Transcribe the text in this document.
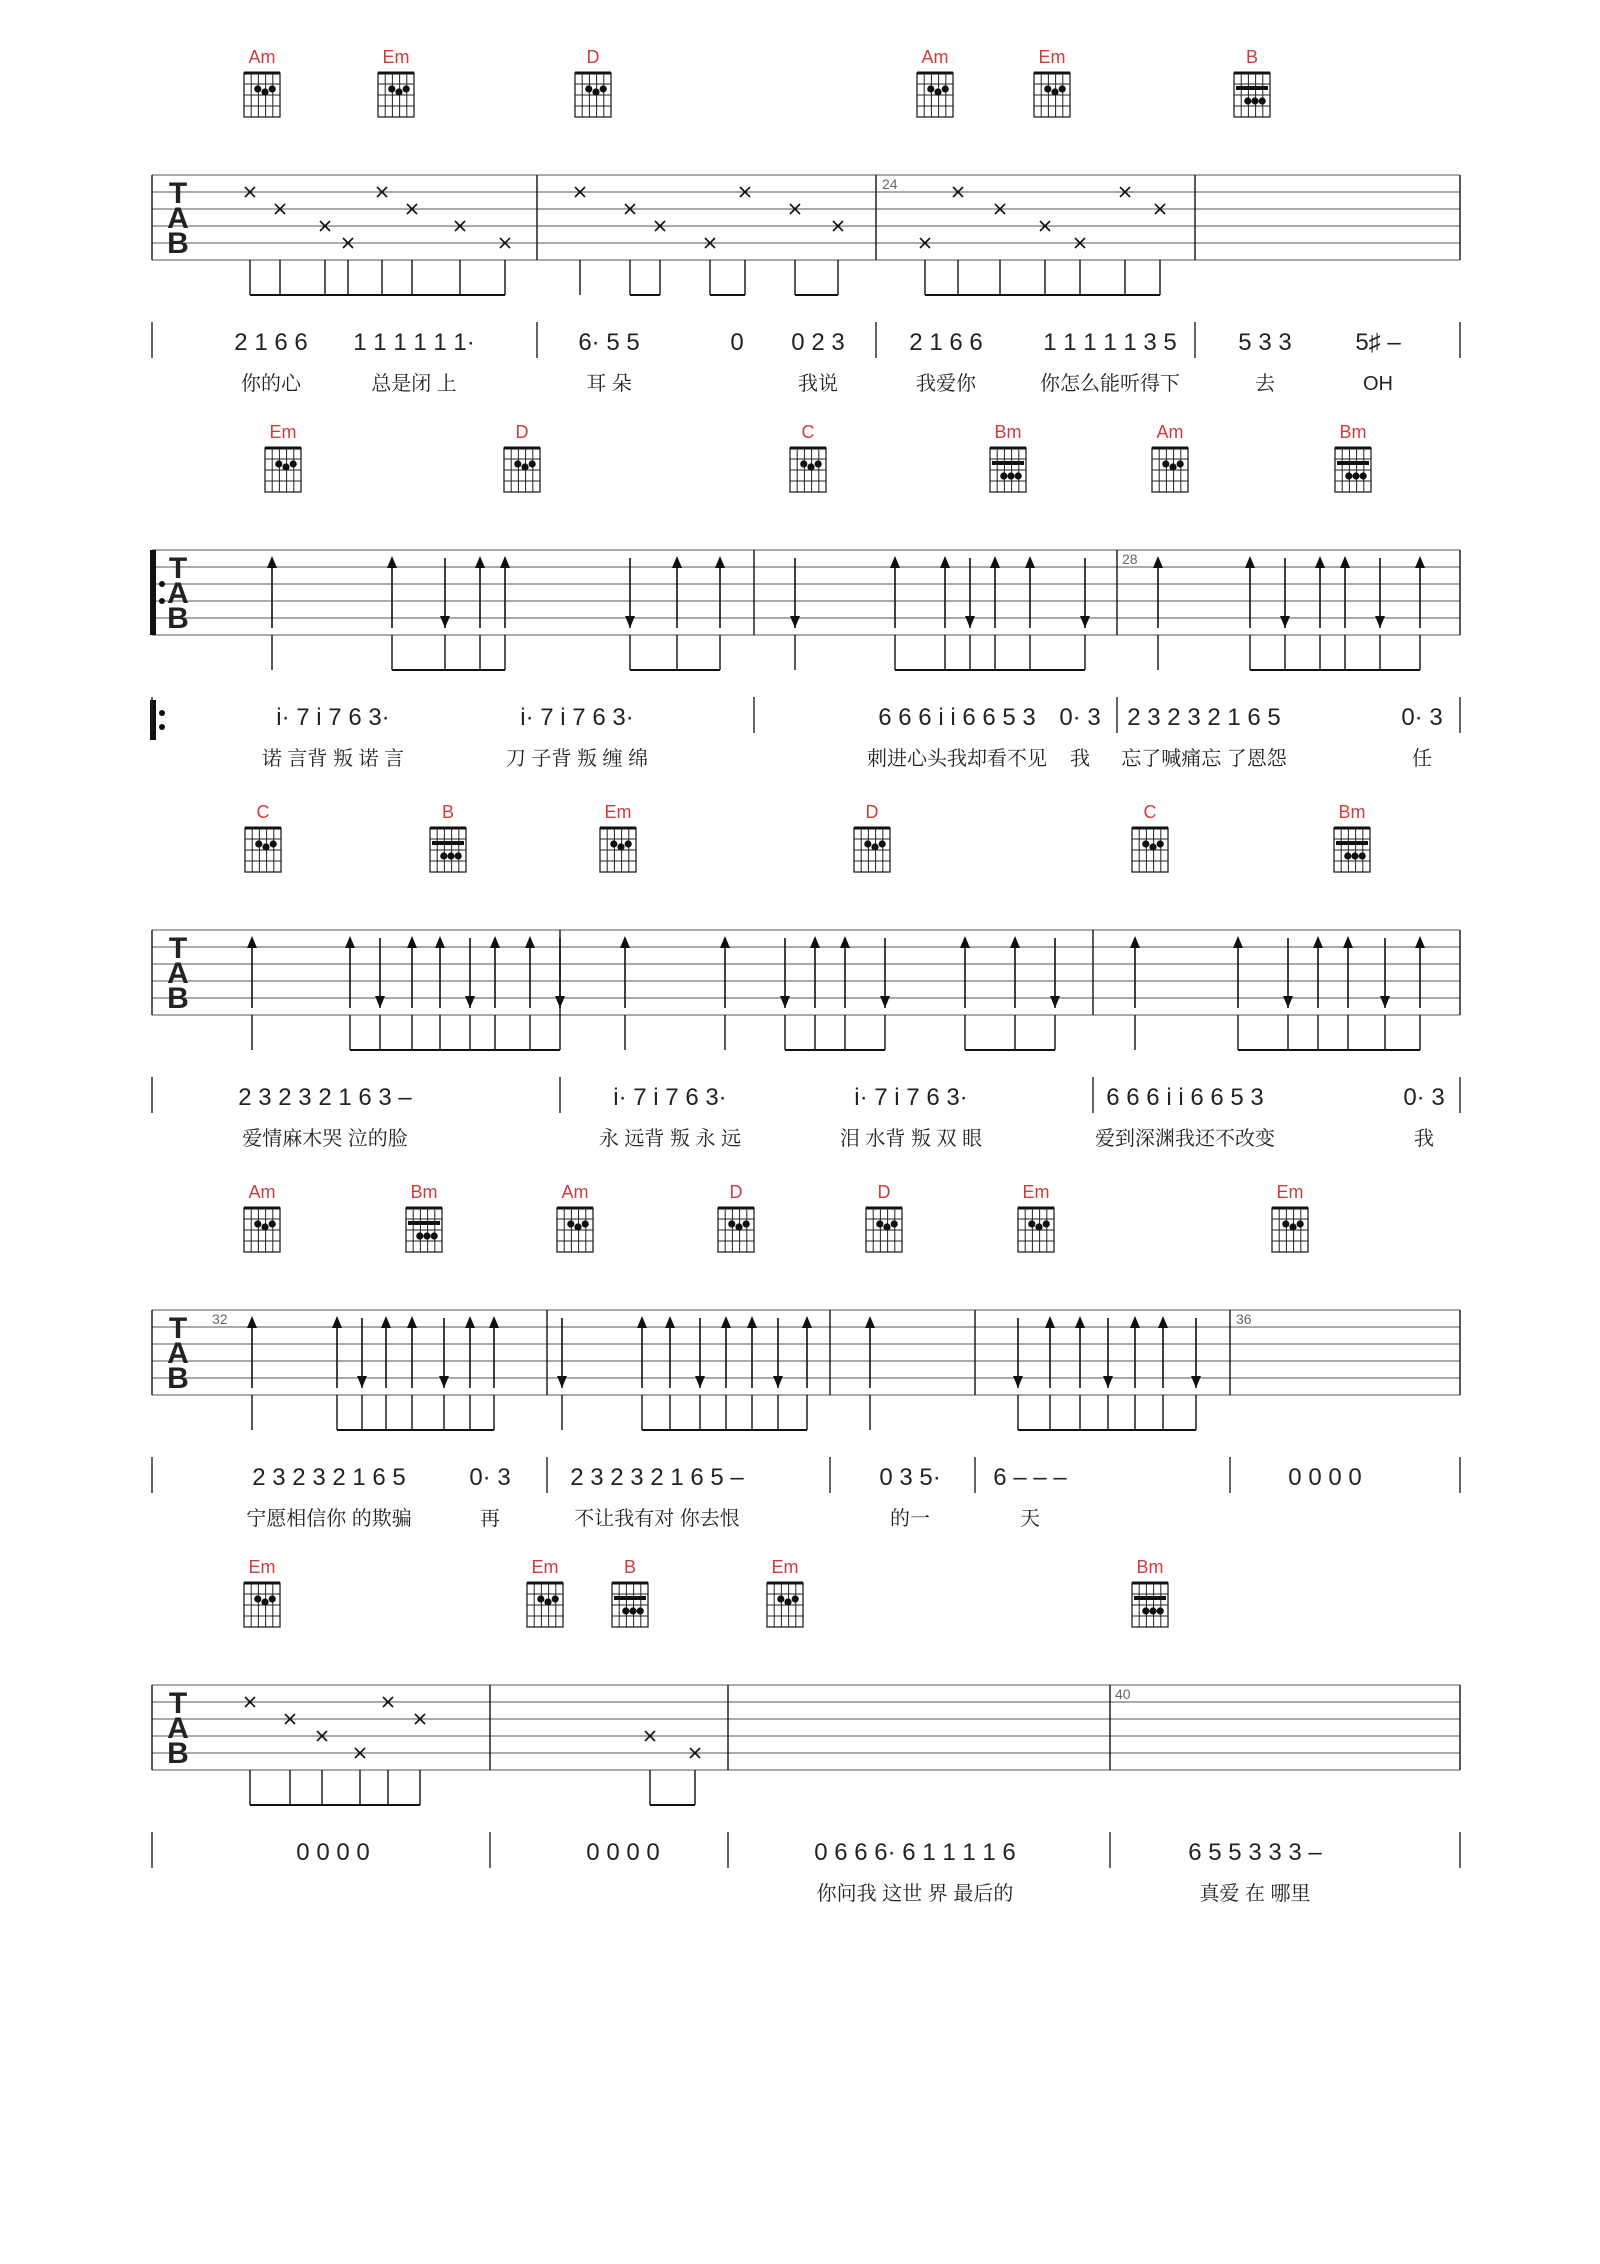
Am	Em	D	Am	Em	B
T
A
B
24
2 1 6 6
你的心
1 1 1 1 1 1·
总是闭 上
6· 5 5
耳 朵
0 0 2 3
我说
2 1 6 6
我爱你
1 1 1 1 1 3 5
你怎么能听得下
5 3 3
去
5♯ –
OH
Em	D	C	Bm	Am	Bm
T
A
B
28
i· 7 i 7 6 3·
诺 言背 叛 诺 言
i· 7 i 7 6 3·
刀 子背 叛 缠 绵
6 6 6 i i 6 6 5 3
刺进心头我却看不见
0· 3
我
2 3 2 3 2 1 6 5
忘了喊痛忘 了恩怨
0· 3
任
C	B	Em	D	C	Bm
T
A
B
2 3 2 3 2 1 6 3 –
爱情麻木哭 泣的脸
i· 7 i 7 6 3·
永 远背 叛 永 远
i· 7 i 7 6 3·
泪 水背 叛 双 眼
6 6 6 i i 6 6 5 3
爱到深渊我还不改变
0· 3
我
Am	Bm	Am	D	D	Em	Em
T
A
B
32	36
2 3 2 3 2 1 6 5
宁愿相信你 的欺骗
0· 3
再
2 3 2 3 2 1 6 5 –
不让我有对 你去恨
0 3 5·
的一
6 – – –
天
0 0 0 0
Em	Em	B	Em	Bm
T
A
B
40
0 0 0 0	0 0 0 0	0 6 6 6· 6 1 1 1 1 6
你问我 这世 界 最后的
6 5 5 3 3 3 –
真爱 在 哪里
